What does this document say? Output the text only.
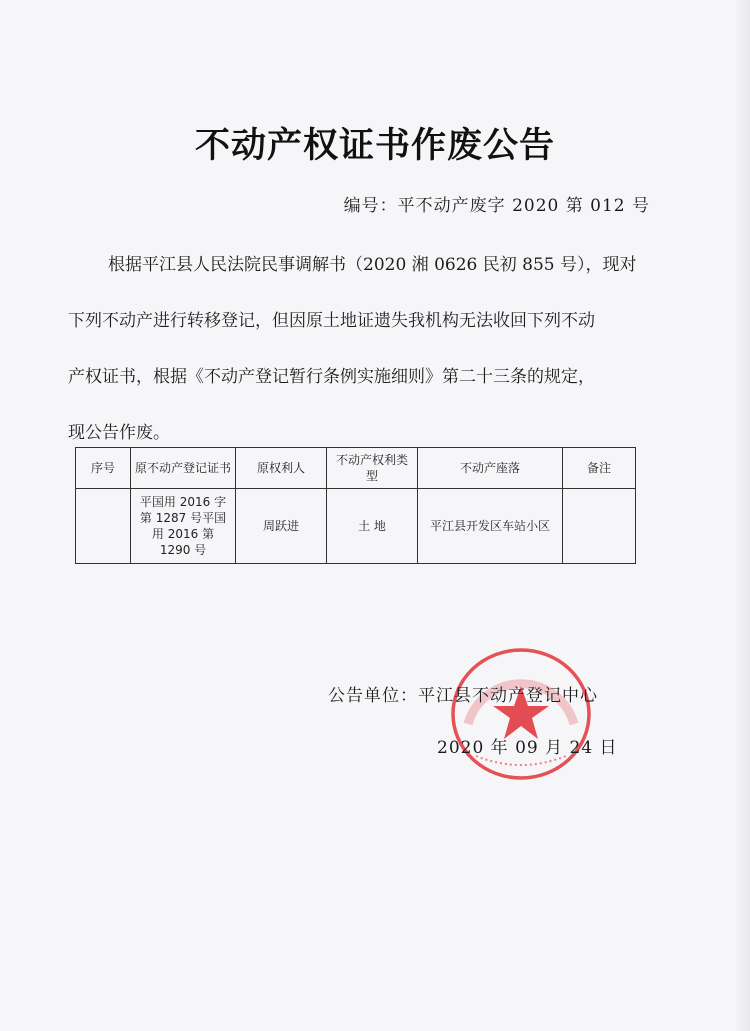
不动产权证书作废公告
编号：平不动产废字 2020 第 012 号
根据平江县人民法院民事调解书（2020 湘 0626 民初 855 号），现对
下列不动产进行转移登记，但因原土地证遗失我机构无法收回下列不动
产权证书，根据《不动产登记暂行条例实施细则》第二十三条的规定，
现公告作废。
序号	原不动产登记证书	原权利人	不动产权利类型	不动产座落	备注
	平国用 2016 字第 1287 号平国用 2016 第 1290 号	周跃进	土 地	平江县开发区车站小区	
公告单位：平江县不动产登记中心
2020 年 09 月 24 日
